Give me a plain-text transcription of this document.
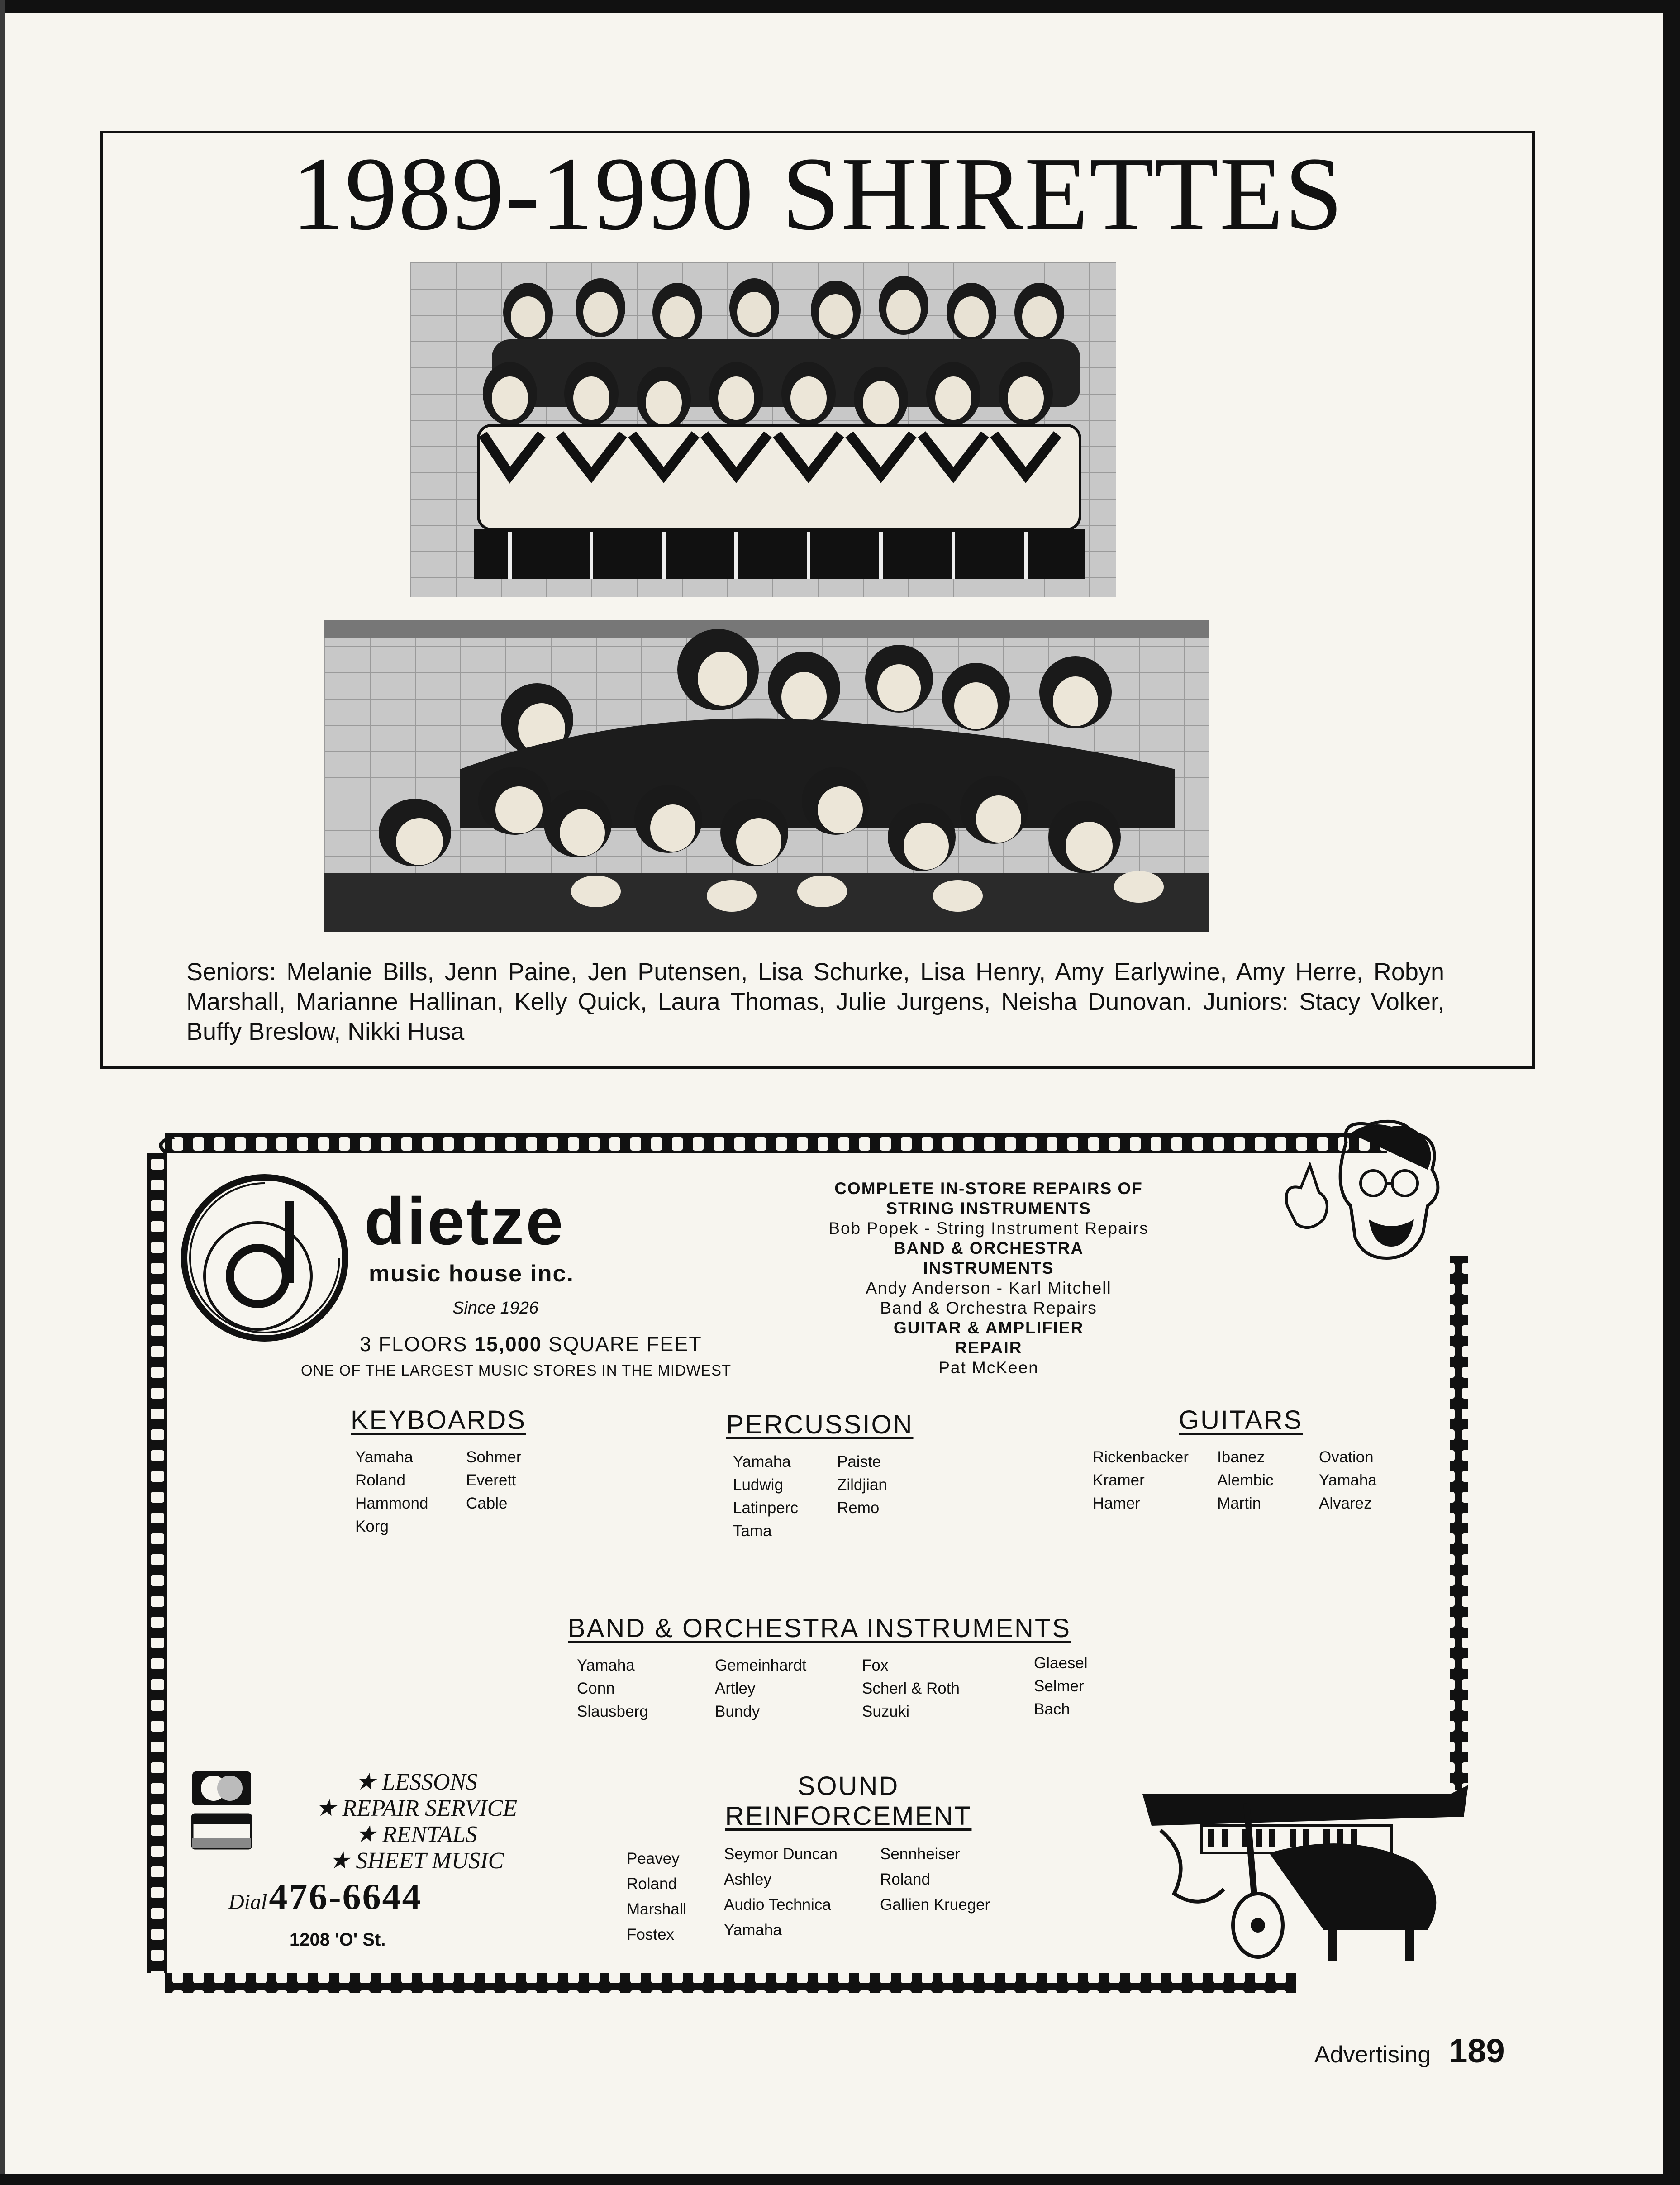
1989-1990 SHIRETTES
Seniors: Melanie Bills, Jenn Paine, Jen Putensen, Lisa Schurke, Lisa Henry, Amy Earlywine, Amy Herre, Robyn Marshall, Marianne Hallinan, Kelly Quick, Laura Thomas, Julie Jurgens, Neisha Dunovan. Juniors: Stacy Volker, Buffy Breslow, Nikki Husa
dietze
music house inc.
Since 1926
3 FLOORS 15,000 SQUARE FEET
ONE OF THE LARGEST MUSIC STORES IN THE MIDWEST
COMPLETE IN-STORE REPAIRS OF
STRING INSTRUMENTS
Bob Popek - String Instrument Repairs
BAND & ORCHESTRA
INSTRUMENTS
Andy Anderson - Karl Mitchell
Band & Orchestra Repairs
GUITAR & AMPLIFIER
REPAIR
Pat McKeen
KEYBOARDS
Yamaha
Roland
Hammond
Korg
Sohmer
Everett
Cable
PERCUSSION
Yamaha
Ludwig
Latinperc
Tama
Paiste
Zildjian
Remo
GUITARS
Rickenbacker
Kramer
Hamer
Ibanez
Alembic
Martin
Ovation
Yamaha
Alvarez
BAND & ORCHESTRA INSTRUMENTS
Yamaha
Conn
Slausberg
Gemeinhardt
Artley
Bundy
Fox
Scherl & Roth
Suzuki
Glaesel
Selmer
Bach
★ LESSONS
★ REPAIR SERVICE
★ RENTALS
★ SHEET MUSIC
Dial 476-6644
1208 'O' St.
SOUND
REINFORCEMENT
Peavey
Roland
Marshall
Fostex
Seymor Duncan
Ashley
Audio Technica
Yamaha
Sennheiser
Roland
Gallien Krueger
Advertising 189
